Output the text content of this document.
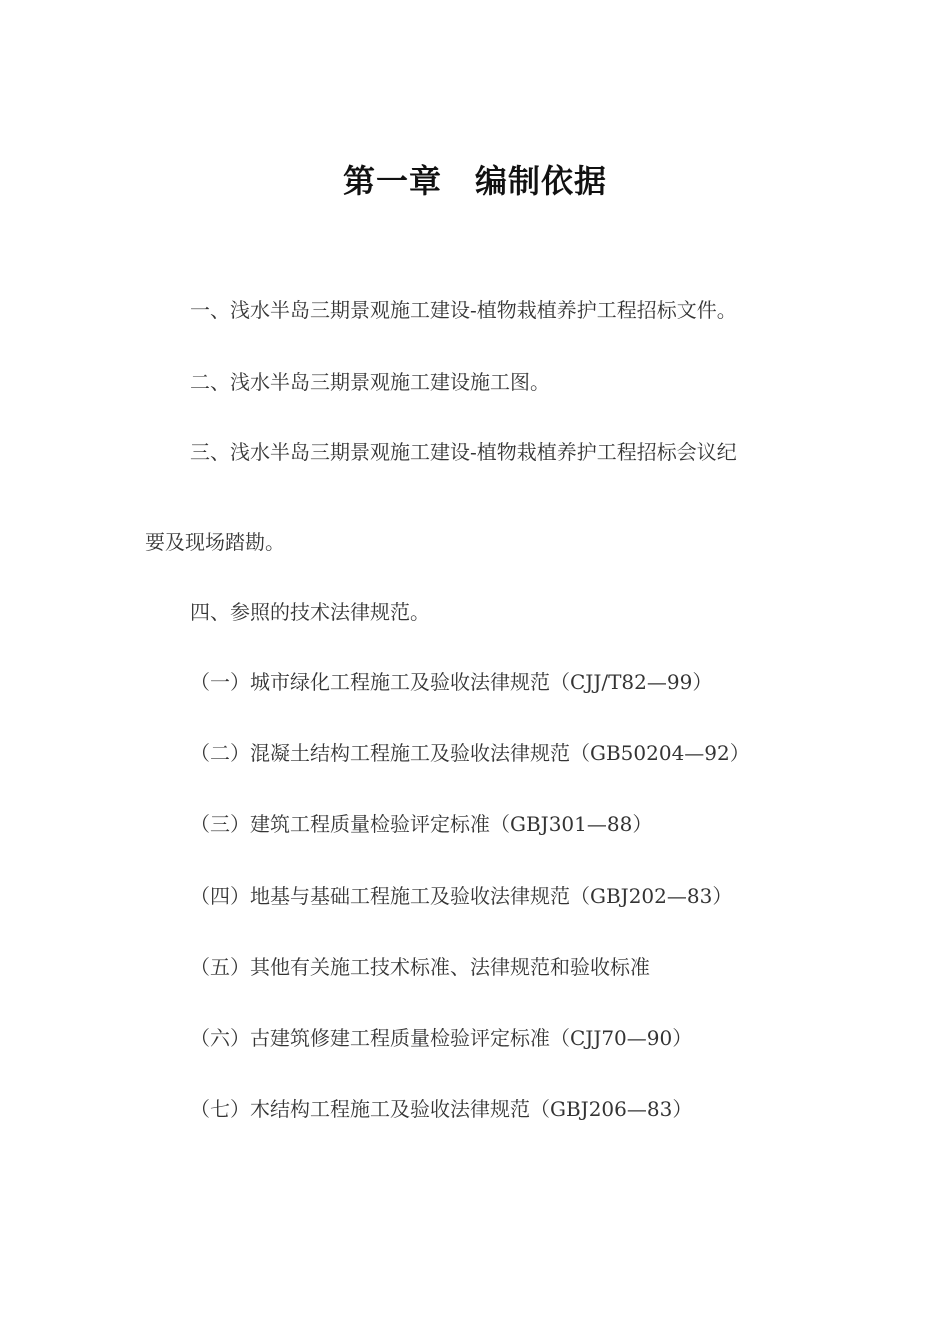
第一章　编制依据
一、浅水半岛三期景观施工建设-植物栽植养护工程招标文件。
二、浅水半岛三期景观施工建设施工图。
三、浅水半岛三期景观施工建设-植物栽植养护工程招标会议纪
要及现场踏勘。
四、参照的技术法律规范。
（一）城市绿化工程施工及验收法律规范（CJJ/T82—99）
（二）混凝土结构工程施工及验收法律规范（GB50204—92）
（三）建筑工程质量检验评定标准（GBJ301—88）
（四）地基与基础工程施工及验收法律规范（GBJ202—83）
（五）其他有关施工技术标准、法律规范和验收标准
（六）古建筑修建工程质量检验评定标准（CJJ70—90）
（七）木结构工程施工及验收法律规范（GBJ206—83）
